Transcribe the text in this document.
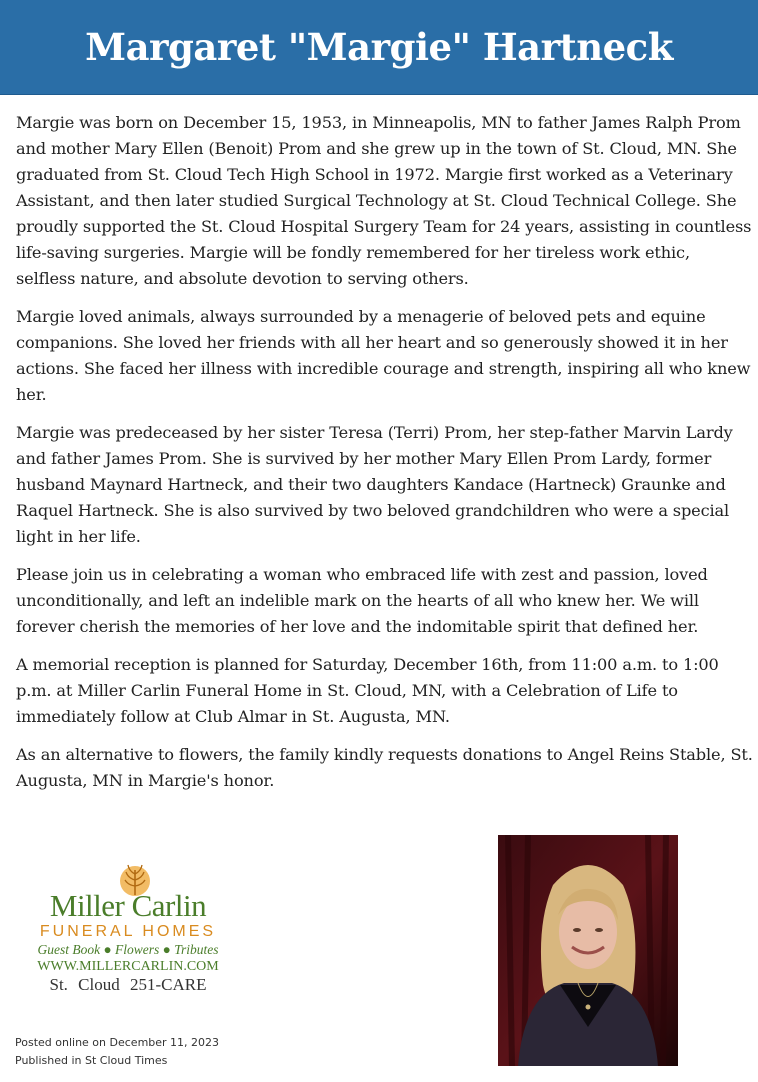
Margaret "Margie" Hartneck

Margie was born on December 15, 1953, in Minneapolis, MN to father James Ralph Prom and mother Mary Ellen (Benoit) Prom and she grew up in the town of St. Cloud, MN. She graduated from St. Cloud Tech High School in 1972. Margie first worked as a Veterinary Assistant, and then later studied Surgical Technology at St. Cloud Technical College. She proudly supported the St. Cloud Hospital Surgery Team for 24 years, assisting in countless life-saving surgeries. Margie will be fondly remembered for her tireless work ethic, selfless nature, and absolute devotion to serving others.

Margie loved animals, always surrounded by a menagerie of beloved pets and equine companions. She loved her friends with all her heart and so generously showed it in her actions. She faced her illness with incredible courage and strength, inspiring all who knew her.

Margie was predeceased by her sister Teresa (Terri) Prom, her step-father Marvin Lardy and father James Prom. She is survived by her mother Mary Ellen Prom Lardy, former husband Maynard Hartneck, and their two daughters Kandace (Hartneck) Graunke and Raquel Hartneck. She is also survived by two beloved grandchildren who were a special light in her life.

Please join us in celebrating a woman who embraced life with zest and passion, loved unconditionally, and left an indelible mark on the hearts of all who knew her. We will forever cherish the memories of her love and the indomitable spirit that defined her.

A memorial reception is planned for Saturday, December 16th, from 11:00 a.m. to 1:00 p.m. at Miller Carlin Funeral Home in St. Cloud, MN, with a Celebration of Life to immediately follow at Club Almar in St. Augusta, MN.

As an alternative to flowers, the family kindly requests donations to Angel Reins Stable, St. Augusta, MN in Margie's honor.

Miller Carlin
FUNERAL HOMES
Guest Book ● Flowers ● Tributes
WWW.MILLERCARLIN.COM
St. Cloud 251-CARE
Posted online on December 11, 2023
Published in St Cloud Times
